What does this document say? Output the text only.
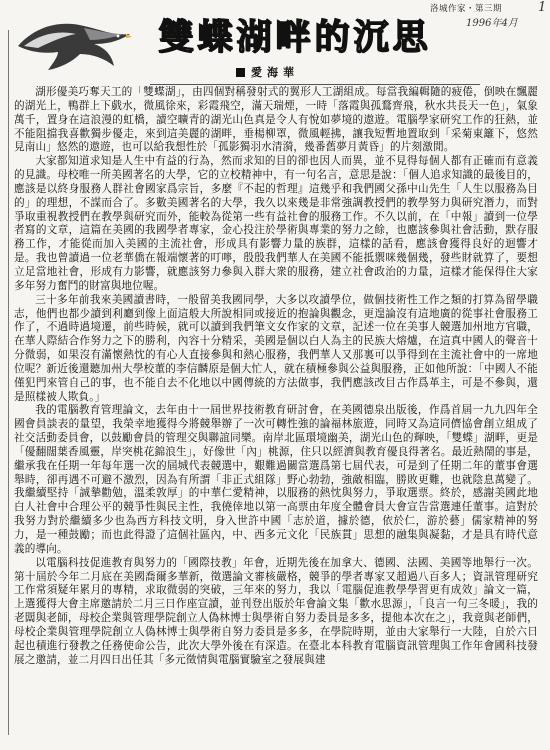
洛城作家・第三期
1996年4月
1
雙蝶湖畔的沉思
愛海華

湖形優美巧奪天工的「雙蝶湖」，由四個對稱發射式的翼形人工湖組成。每當我編輯隨的疲倦，倒映在飄麗的湖光上，鴨群上下戲水，微風徐來，彩霞飛空，滿天瑞煙，一時「落霞與孤鶩齊飛，秋水共長天一色」，氣象萬千，置身在這浪漫的虹橋，讀空曠青的湖光山色真是令人有悅如夢境的遨遊。電腦學家研究工作的狂熱，並不能阻擋我喜歡獨步優走，來到這美麗的湖畔，垂楊柳罩，微風輕拂，讓我短暫地置取到「采菊東籬下，悠然見南山」悠然的遨遊，也可以給我想性於「孤影獨羽水清漪，幾番舊夢月黃昏」的片刻激閒。

大家都知道求知是人生中有益的行為，然而求知的目的卻也因人而異，並不見得每個人都有正確而有意義的見識。母校唯一所美國著名的大學，它的立校精神中，有一句名言，意思是說：「個人追求知識的最後目的，應該是以終身服務人群社會國家爲宗旨，多麼『不起的哲理』這幾乎和我們國父孫中山先生「人生以服務為目的」的理想，不謀而合了。多數美國著名的大學，我久以來幾是非常強調教授們的教學努力與研究潛力，而對爭取重視教授們在教學與研究而外，能較為從第一些有益社會的服務工作。不久以前，在「中報」讀到一位學者寫的文章，這篇在美國的我國學者專家，金心投注於學術與專業的努力之餘，也應該參與社會活動，默存服務工作，才能從而加入美國的主流社會，形成具有影響力量的族群，這樣的話看，應該會獲得良好的迴響才是。我也曾讀過一位老華僑在報端懷著的叮嚀，殷殷我們華人在美國不能抵禦咪幾個幾，發些財就算了，要想立足當地社會，形成有力影響，就應該努力參與入群大衆的服務，建立社會政治的力量，這樣才能保得住大家多年努力奮鬥的財富與地位喔。

三十多年前我來美國讀書時，一般留美我國同學，大多以攻讀學位，做個技術性工作之類的打算為留學職志，他們也都少讀到利廳到像上面這般大所說相同或接近的抱論與觀念，更遑論沒有這地廣的從事社會服務工作了，不過時過境遷，前些時候，就可以讀到我們筆文女作家的文章，記述一位在美事人競選加州地方官職，在華人際結合作努力之下的勝利，內容十分精采，美國是個以白人為主的民族大熔爐，在這真中國人的聲音十分微弱，如果沒有滿懷熱忱的有心人直接參與和熱心服務，我們華人又那裏可以爭得到在主流社會中的一席地位呢？新近後還聽加州大學校董的李信麟原是個大忙人，就在積極參與公益與服務，正如他所說：「中國人不能僅犯門來管自己的事，也不能自去不化地以中國傳統的方法做事，我們應該改目古作爲革主，可是不參與，還是照樣被人欺負。」

我的電腦教育管理論文，去年由十一屆世界技術教育研討會，在美國德泉出版後，作爲首屆一九九四年全國會員談表的量望，我榮幸地獲得今將競舉辦了一次可轉性強的論福林旅遊，同時又為這同儕協會創立組成了社交活動委員會，以鼓勵會員的管理交與聯誼同樂。南岸北區環境幽美，湖光山色的輝映，「雙蝶」湖畔，更是「優翻闊葉香風靈，岸突桃花錦浪生」，好像世「內」桃源，住只以經濟與教育優良得著名。最近熱鬧的事是，繼承我在任期一年每年選一次的屆城代表競選中，艱難過關當選爲第七屆代表，可是到了任期二年的董事會選舉時，卻再遇不可避不激烈，因為有所謂「非正式組隊」野心勃勃，強敵相臨，勝敗更難，也就陰息萬變了。我繼續堅持「誠摯勸勉，溫柔敦厚」的中華仁愛精神，以服務的熱忱與努力，爭取選票。終於，感謝美國此地白人社會中合理公平的競爭性與民主性，我僥倖地以第一高票由年度全體會員大會宣告當選連任董事。這對於我努力對於繼續多少也為西方科技文明，身入世許中國「志於道，據於德，依於仁，游於藝」儒家精神的努力，是一種鼓勵；而也此得證了這個社區內，中、西多元文化「民族貫」思想的融集與凝黏，才是具有時代意義的導向。

以電腦科技促進教育與努力的「國際技教」年會，近期先後在加拿大、德國、法國、美國等地舉行一次。第十屆於今年二月底在美國喬爾多華新，徵選論文審核嚴格，競爭的學者專家又超過八百多人；資訊管理研究工作常須疑年累月的專精，求取微弱的突破，三年來的努力，我以「電腦促進教學學習更有成效」論文一篇，上選獲得大會主席邀請於二月三日作座宣讀，並刊登出版於年會論文集「歡水思源」，「良言一句三冬暖」，我的老闆與老師，母校企業與管理學院創立人偽林博士與學術自努力委員是多多，提他本次在之」，我竟與老師們，母校企業與管理學院創立人偽林博士與學術自努力委員是多多，在學院時期，並由大家舉行一大陸，自於六日起也積進行發教之任務使命公告，此次大學外後在有深造。在臺北本科教育電腦資訊管理與工作年會國科技發展之邀請，並二月四日出任其「多元徵情與電腦實驗室之發展與建
